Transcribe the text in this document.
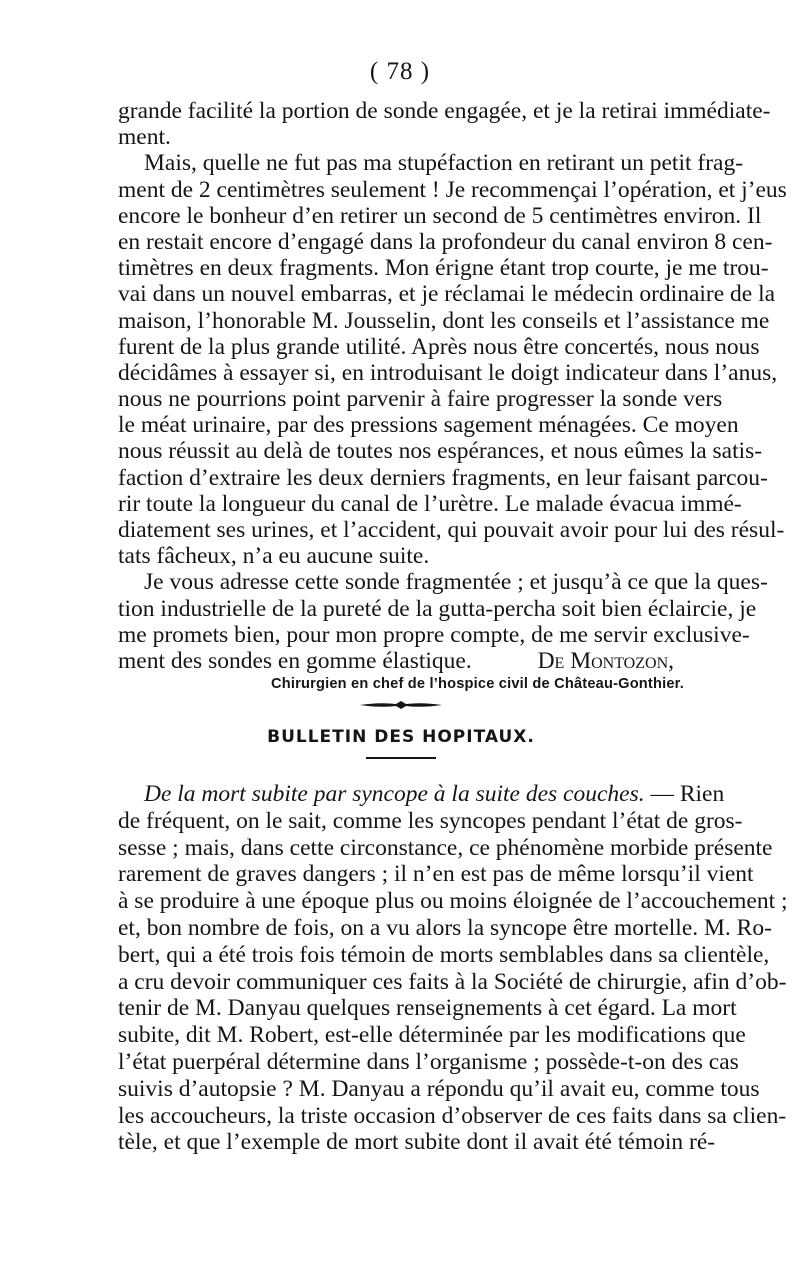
( 78 )
grande facilité la portion de sonde engagée, et je la retirai immédiate-
ment.
Mais, quelle ne fut pas ma stupéfaction en retirant un petit frag-
ment de 2 centimètres seulement ! Je recommençai l’opération, et j’eus
encore le bonheur d’en retirer un second de 5 centimètres environ. Il
en restait encore d’engagé dans la profondeur du canal environ 8 cen-
timètres en deux fragments. Mon érigne étant trop courte, je me trou-
vai dans un nouvel embarras, et je réclamai le médecin ordinaire de la
maison, l’honorable M. Jousselin, dont les conseils et l’assistance me
furent de la plus grande utilité. Après nous être concertés, nous nous
décidâmes à essayer si, en introduisant le doigt indicateur dans l’anus,
nous ne pourrions point parvenir à faire progresser la sonde vers
le méat urinaire, par des pressions sagement ménagées. Ce moyen
nous réussit au delà de toutes nos espérances, et nous eûmes la satis-
faction d’extraire les deux derniers fragments, en leur faisant parcou-
rir toute la longueur du canal de l’urètre. Le malade évacua immé-
diatement ses urines, et l’accident, qui pouvait avoir pour lui des résul-
tats fâcheux, n’a eu aucune suite.
Je vous adresse cette sonde fragmentée ; et jusqu’à ce que la ques-
tion industrielle de la pureté de la gutta-percha soit bien éclaircie, je
me promets bien, pour mon propre compte, de me servir exclusive-
ment des sondes en gomme élastique.	De Montozon,
Chirurgien en chef de l’hospice civil de Château-Gonthier.
BULLETIN DES HOPITAUX.
De la mort subite par syncope à la suite des couches. — Rien
de fréquent, on le sait, comme les syncopes pendant l’état de gros-
sesse ; mais, dans cette circonstance, ce phénomène morbide présente
rarement de graves dangers ; il n’en est pas de même lorsqu’il vient
à se produire à une époque plus ou moins éloignée de l’accouchement ;
et, bon nombre de fois, on a vu alors la syncope être mortelle. M. Ro-
bert, qui a été trois fois témoin de morts semblables dans sa clientèle,
a cru devoir communiquer ces faits à la Société de chirurgie, afin d’ob-
tenir de M. Danyau quelques renseignements à cet égard. La mort
subite, dit M. Robert, est-elle déterminée par les modifications que
l’état puerpéral détermine dans l’organisme ; possède-t-on des cas
suivis d’autopsie ? M. Danyau a répondu qu’il avait eu, comme tous
les accoucheurs, la triste occasion d’observer de ces faits dans sa clien-
tèle, et que l’exemple de mort subite dont il avait été témoin ré-
